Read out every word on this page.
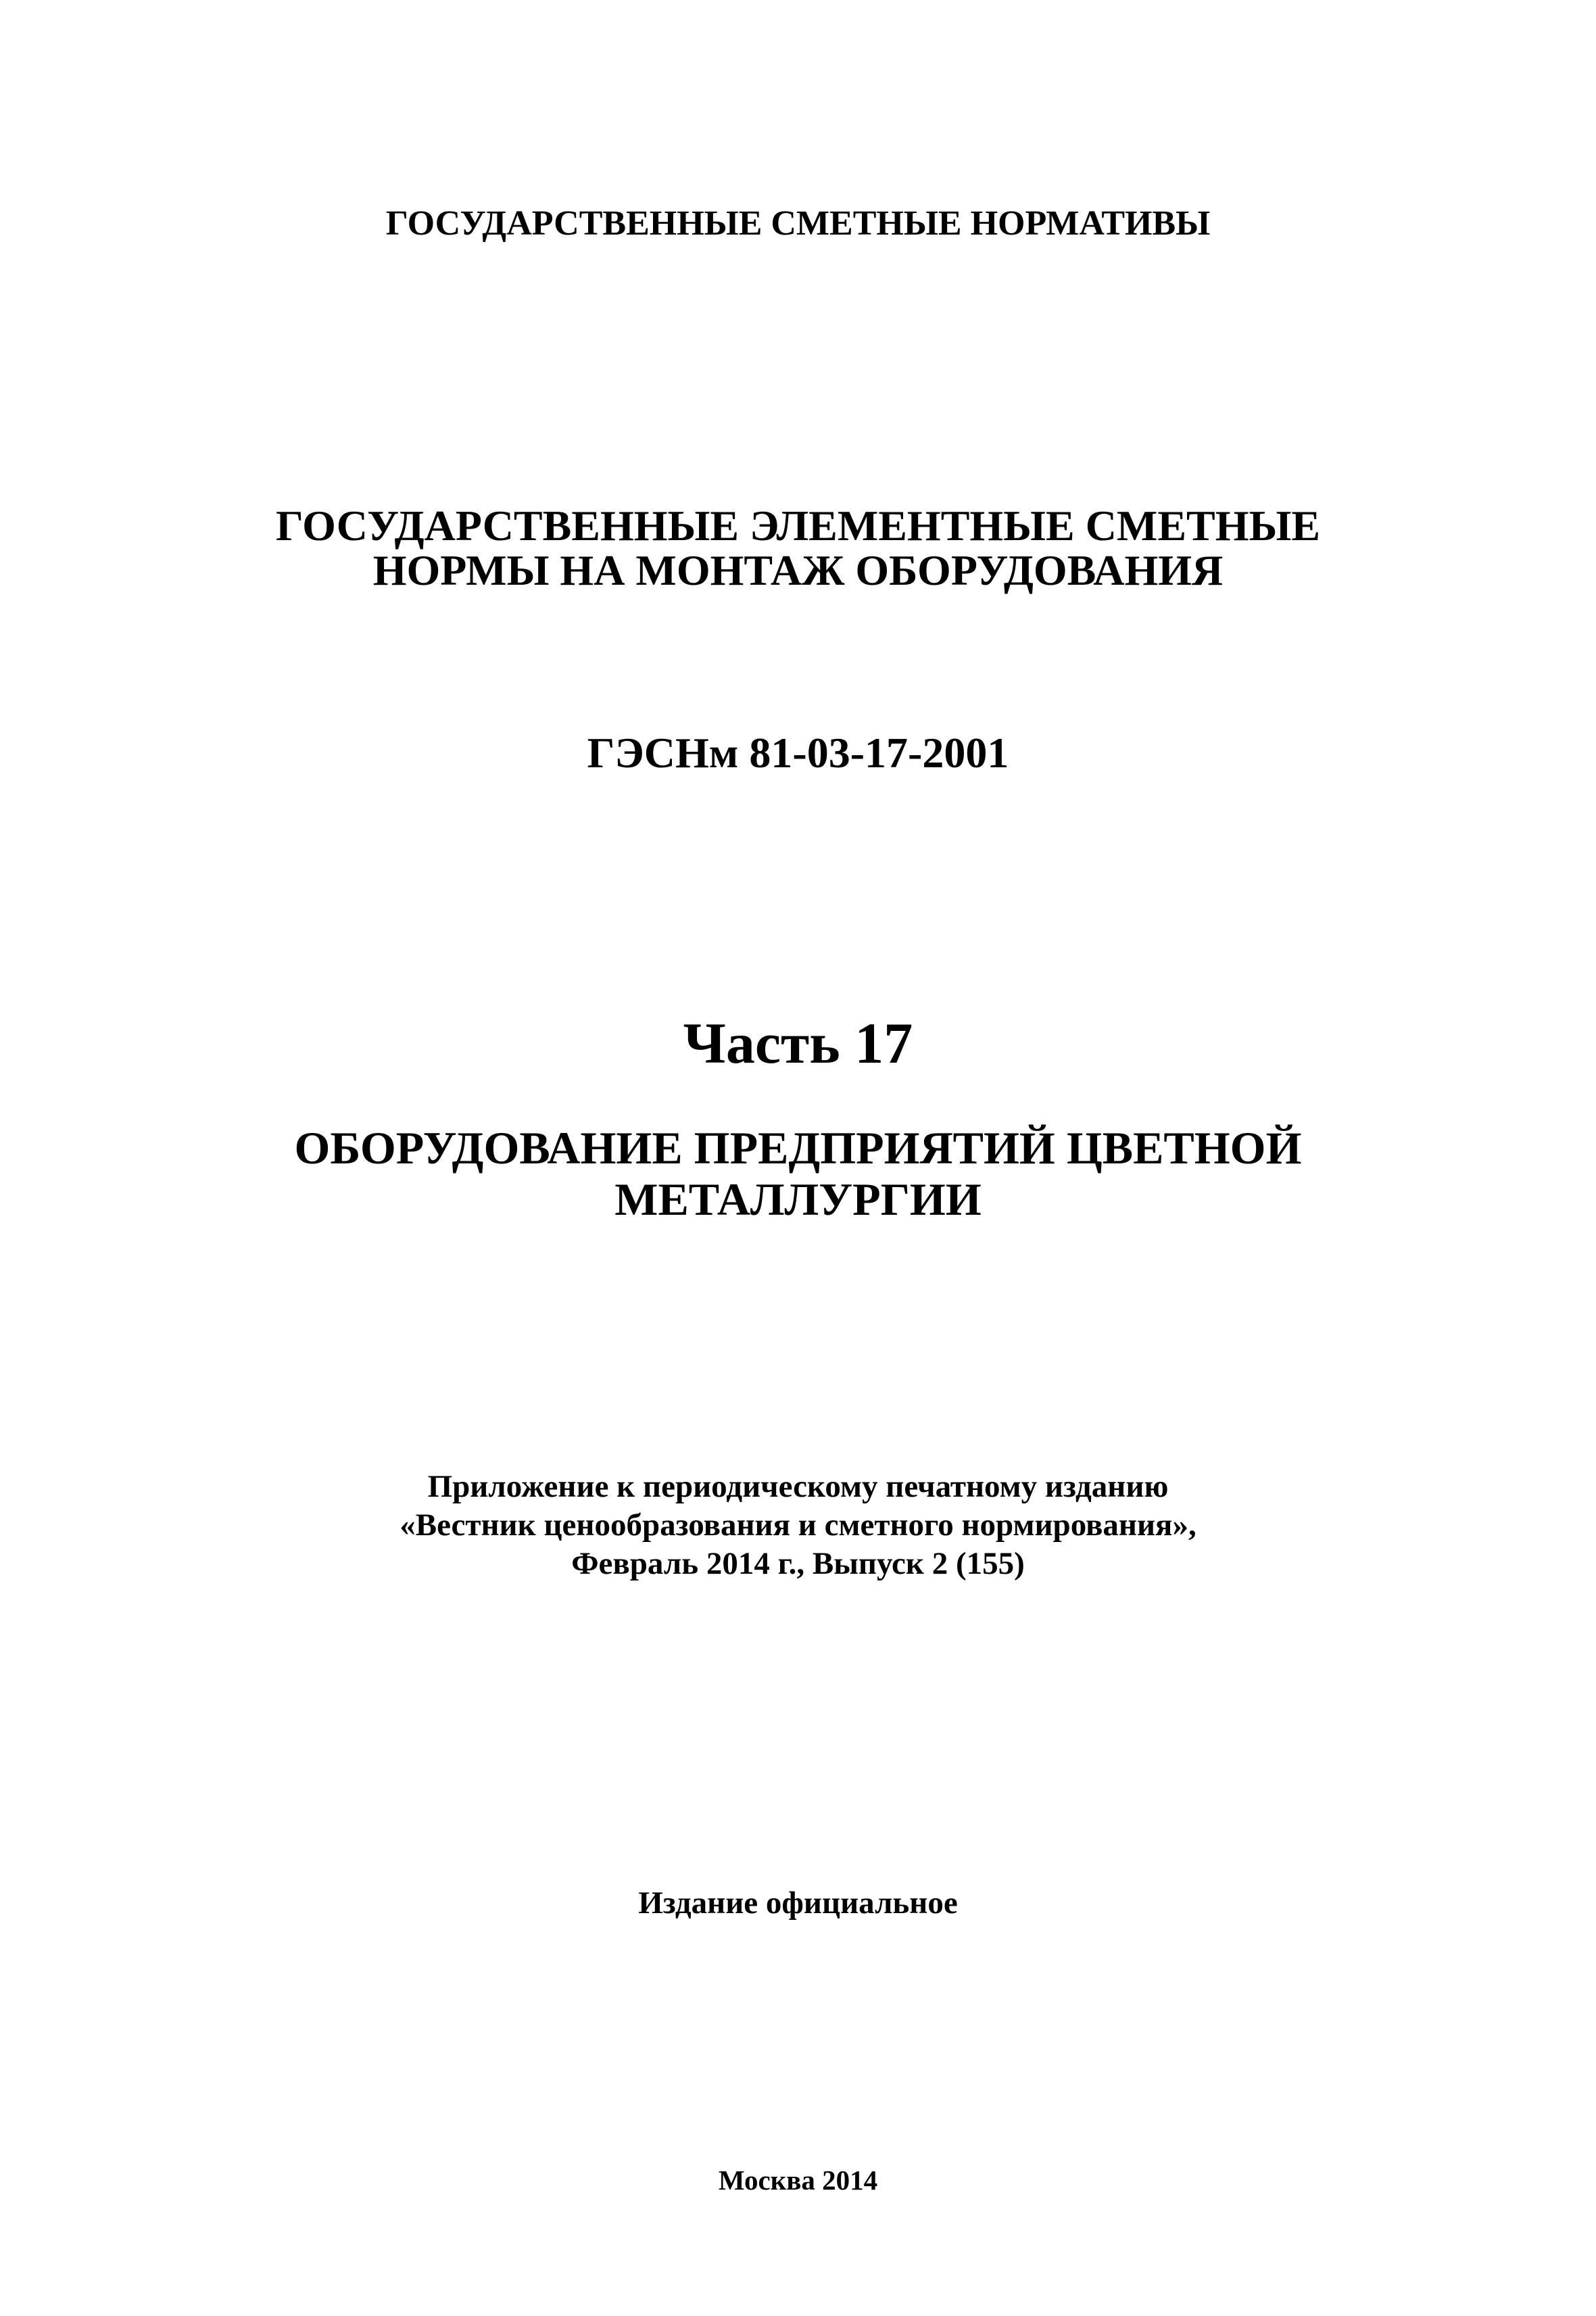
ГОСУДАРСТВЕННЫЕ СМЕТНЫЕ НОРМАТИВЫ
ГОСУДАРСТВЕННЫЕ ЭЛЕМЕНТНЫЕ СМЕТНЫЕ
НОРМЫ НА МОНТАЖ ОБОРУДОВАНИЯ
ГЭСНм 81-03-17-2001
Часть 17
ОБОРУДОВАНИЕ ПРЕДПРИЯТИЙ ЦВЕТНОЙ
МЕТАЛЛУРГИИ
Приложение к периодическому печатному изданию
«Вестник ценообразования и сметного нормирования»,
Февраль 2014 г., Выпуск 2 (155)
Издание официальное
Москва 2014
